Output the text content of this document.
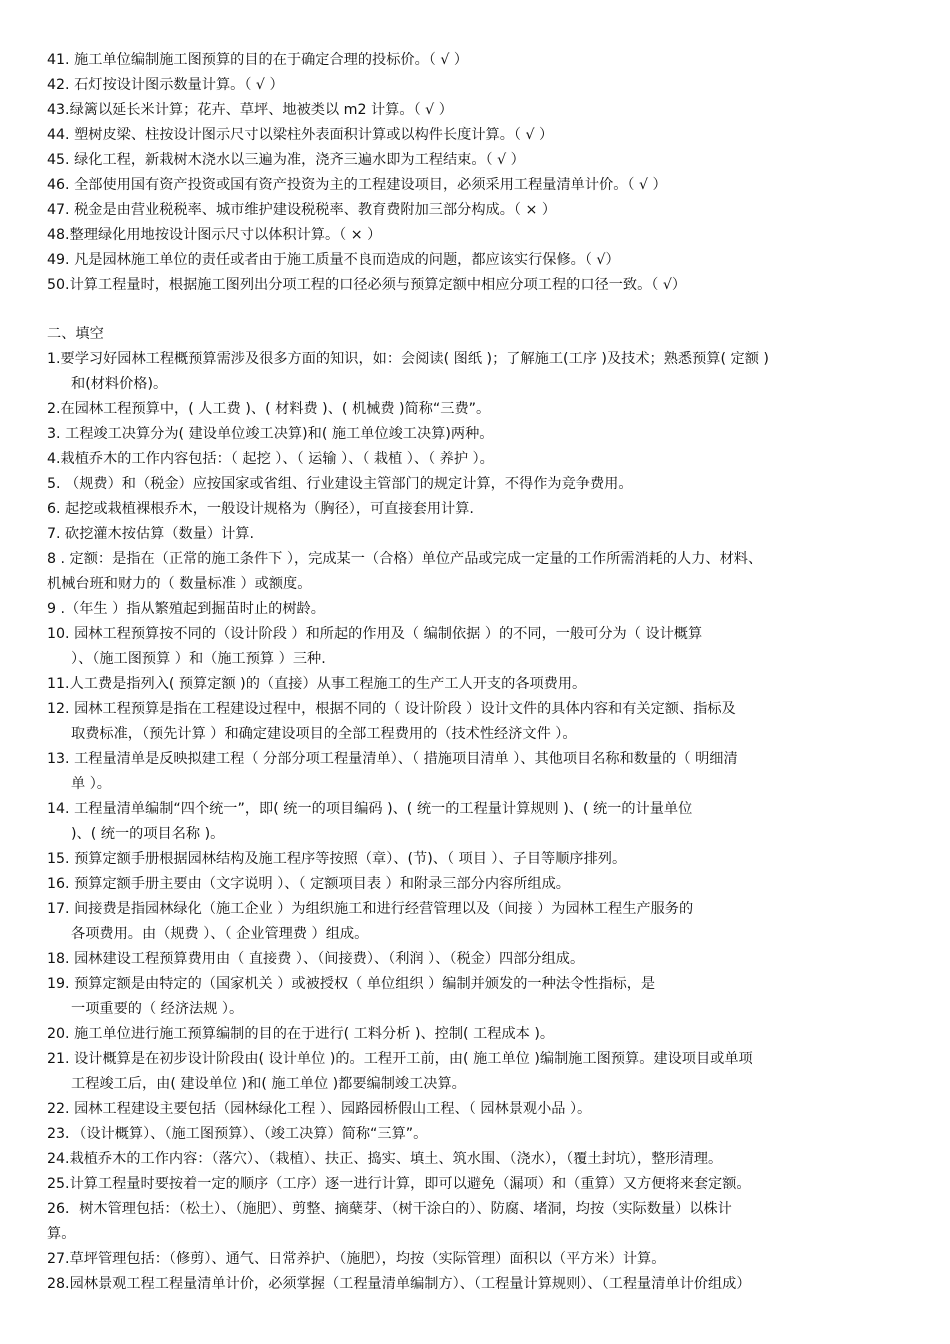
41. 施工单位编制施工图预算的目的在于确定合理的投标价。（ √ ）
42. 石灯按设计图示数量计算。（ √ ）
43.绿篱以延长米计算；花卉、草坪、地被类以 m2 计算。（ √ ）
44. 塑树皮梁、柱按设计图示尺寸以梁柱外表面积计算或以构件长度计算。（ √ ）
45. 绿化工程，新栽树木浇水以三遍为准，浇齐三遍水即为工程结束。（ √ ）
46. 全部使用国有资产投资或国有资产投资为主的工程建设项目，必须采用工程量清单计价。（ √ ）
47. 税金是由营业税税率、城市维护建设税税率、教育费附加三部分构成。（ × ）
48.整理绿化用地按设计图示尺寸以体积计算。（ × ）
49. 凡是园林施工单位的责任或者由于施工质量不良而造成的问题，都应该实行保修。（ √）
50.计算工程量时，根据施工图列出分项工程的口径必须与预算定额中相应分项工程的口径一致。（ √）
二、填空
1.要学习好园林工程概预算需涉及很多方面的知识，如：会阅读( 图纸 )；了解施工(工序 )及技术；熟悉预算( 定额 )
和(材料价格)。
2.在园林工程预算中，( 人工费 )、( 材料费 )、( 机械费 )简称“三费”。
3. 工程竣工决算分为( 建设单位竣工决算)和( 施工单位竣工决算)两种。
4.栽植乔木的工作内容包括：（ 起挖 ）、（ 运输 ）、（ 栽植 ）、（ 养护 ）。
5. （规费）和（税金）应按国家或省组、行业建设主管部门的规定计算，不得作为竞争费用。
6. 起挖或栽植裸根乔木，一般设计规格为（胸径），可直接套用计算.
7. 砍挖灌木按估算（数量）计算.
8 . 定额：是指在（正常的施工条件下 ），完成某一（合格）单位产品或完成一定量的工作所需消耗的人力、材料、
机械台班和财力的（ 数量标准 ）或额度。
9 .（年生 ）指从繁殖起到掘苗时止的树龄。
10. 园林工程预算按不同的（设计阶段 ）和所起的作用及（ 编制依据 ）的不同，一般可分为（ 设计概算
）、（施工图预算 ）和（施工预算 ）三种.
11.人工费是指列入( 预算定额 )的（直接）从事工程施工的生产工人开支的各项费用。
12. 园林工程预算是指在工程建设过程中，根据不同的（ 设计阶段 ）设计文件的具体内容和有关定额、指标及
取费标准，（预先计算 ）和确定建设项目的全部工程费用的（技术性经济文件 ）。
13. 工程量清单是反映拟建工程（ 分部分项工程量清单）、（ 措施项目清单 ）、其他项目名称和数量的（ 明细清
单 ）。
14. 工程量清单编制“四个统一”，即( 统一的项目编码 )、( 统一的工程量计算规则 )、( 统一的计量单位
)、( 统一的项目名称 )。
15. 预算定额手册根据园林结构及施工程序等按照（章）、(节)、（ 项目 ）、子目等顺序排列。
16. 预算定额手册主要由（文字说明 ）、（ 定额项目表 ）和附录三部分内容所组成。
17. 间接费是指园林绿化（施工企业 ）为组织施工和进行经营管理以及（间接 ）为园林工程生产服务的
各项费用。由（规费 ）、（ 企业管理费 ）组成。
18. 园林建设工程预算费用由（ 直接费 ）、（间接费）、（利润 ）、（税金）四部分组成。
19. 预算定额是由特定的（国家机关 ）或被授权（ 单位组织 ）编制并颁发的一种法令性指标，是
一项重要的（ 经济法规 ）。
20. 施工单位进行施工预算编制的目的在于进行( 工料分析 )、控制( 工程成本 )。
21. 设计概算是在初步设计阶段由( 设计单位 )的。工程开工前，由( 施工单位 )编制施工图预算。建设项目或单项
工程竣工后，由( 建设单位 )和( 施工单位 )都要编制竣工决算。
22. 园林工程建设主要包括（园林绿化工程 ）、园路园桥假山工程、（ 园林景观小品 ）。
23．（设计概算）、（施工图预算）、（竣工决算）简称“三算”。
24.栽植乔木的工作内容：（落穴）、（栽植）、扶正、捣实、填土、筑水围、（浇水），（覆土封坑），整形清理。
25.计算工程量时要按着一定的顺序（工序）逐一进行计算，即可以避免（漏项）和（重算）又方便将来套定额。
26．树木管理包括：（松土）、（施肥）、剪整、摘蘖芽、（树干涂白的）、防腐、堵洞，均按（实际数量）以株计
算。
27.草坪管理包括：（修剪）、通气、日常养护、（施肥），均按（实际管理）面积以（平方米）计算。
28.园林景观工程工程量清单计价，必须掌握（工程量清单编制方）、（工程量计算规则）、（工程量清单计价组成）
